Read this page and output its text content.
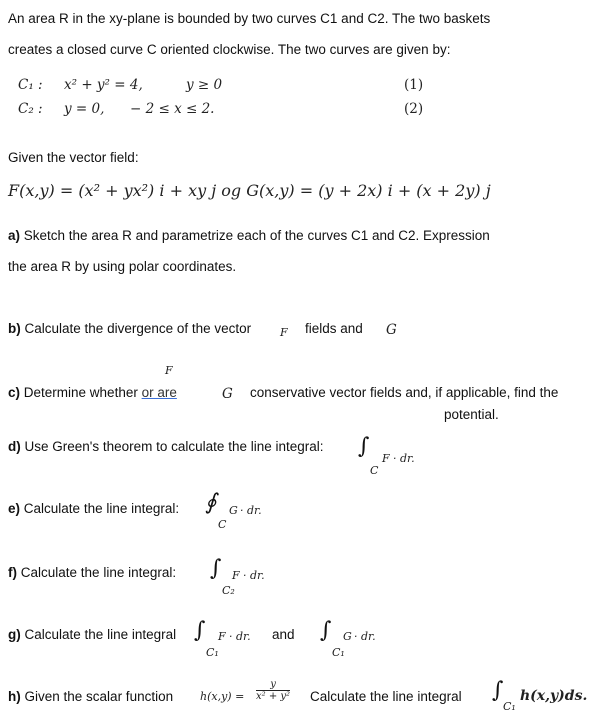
An area R in the xy-plane is bounded by two curves C1 and C2. The two baskets
creates a closed curve C oriented clockwise. The two curves are given by:
C₁ : x² + y² = 4,	y ≥ 0	(1)
C₂ : y = 0, − 2 ≤ x ≤ 2.	(2)
Given the vector field:
F(x,y) = (x² + yx²) i + xy j og G(x,y) = (y + 2x) i + (x + 2y) j
a) Sketch the area R and parametrize each of the curves C1 and C2. Expression
the area R by using polar coordinates.
b) Calculate the divergence of the vector	F fields and G
F
c) Determine whether or are	G conservative vector fields and, if applicable, find the
potential.
d) Use Green's theorem to calculate the line integral: ∫
C
F · dr.
e) Calculate the line integral: ∮
C
G · dr.
f) Calculate the line integral: ∫
C₂
F · dr.
g) Calculate the line integral ∫
C₁
F · dr. and ∫
C₁
G · dr.
h) Given the scalar function $h(x,y) = \frac{y}{\text{x² + y²}}$ Calculate the line integral ∫
C₁
h(x,y)ds.
